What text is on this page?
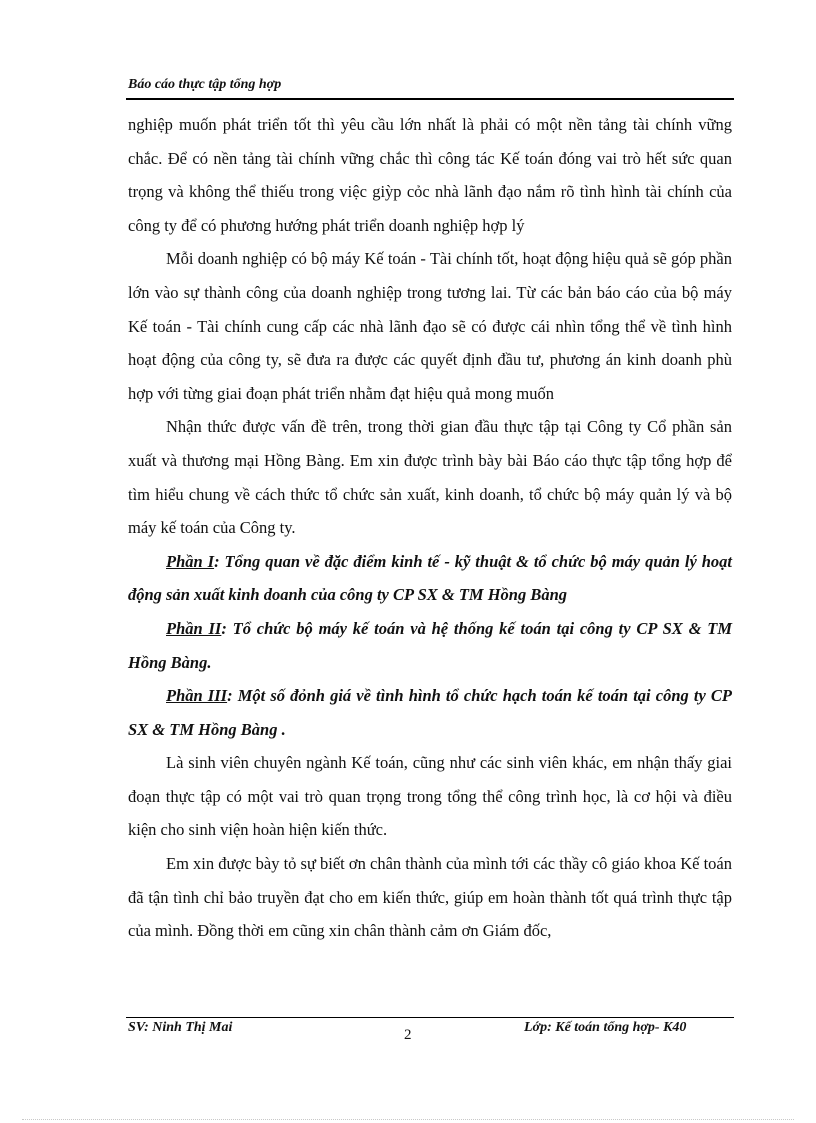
Báo cáo thực tập tổng hợp

nghiệp muốn phát triển tốt thì yêu cầu lớn nhất là phải có một nền tảng tài chính vững chắc. Để có nền tảng tài chính vững chắc thì công tác Kế toán đóng vai trò hết sức quan trọng và không thể thiếu trong việc giỳp cỏc nhà lãnh đạo nắm rõ tình hình tài chính của công ty để có phương hướng phát triển doanh nghiệp hợp lý

Mỗi doanh nghiệp có bộ máy Kế toán - Tài chính tốt, hoạt động hiệu quả sẽ góp phần lớn vào sự thành công của doanh nghiệp trong tương lai. Từ các bản báo cáo của bộ máy Kế toán - Tài chính cung cấp các nhà lãnh đạo sẽ có được cái nhìn tổng thể về tình hình hoạt động của công ty, sẽ đưa ra được các quyết định đầu tư, phương án kinh doanh phù hợp với từng giai đoạn phát triển nhằm đạt hiệu quả mong muốn

Nhận thức được vấn đề trên, trong thời gian đầu thực tập tại Công ty Cổ phần sản xuất và thương mại Hồng Bàng. Em xin được trình bày bài Báo cáo thực tập tổng hợp để tìm hiểu chung về cách thức tổ chức sản xuất, kinh doanh, tổ chức bộ máy quản lý và bộ máy kế toán của Công ty.

Phần I: Tổng quan về đặc điểm kinh tế - kỹ thuật & tổ chức bộ máy quản lý hoạt động sản xuất kinh doanh của công ty CP SX & TM Hồng Bàng

Phần II: Tổ chức bộ máy kế toán và hệ thống kế toán tại công ty CP SX & TM Hồng Bàng.

Phần III: Một số đỏnh giá về tình hình tổ chức hạch toán kế toán tại công ty CP SX & TM Hồng Bàng .

Là sinh viên chuyên ngành Kế toán, cũng như các sinh viên khác, em nhận thấy giai đoạn thực tập có một vai trò quan trọng trong tổng thể công trình học, là cơ hội và điều kiện cho sinh viện hoàn hiện kiến thức.

Em xin được bày tỏ sự biết ơn chân thành của mình tới các thầy cô giáo khoa Kế toán đã tận tình chỉ bảo truyền đạt cho em kiến thức, giúp em hoàn thành tốt quá trình thực tập của mình. Đồng thời em cũng xin chân thành cảm ơn Giám đốc,

SV: Ninh Thị Mai	2	Lớp: Kế toán tổng hợp- K40
